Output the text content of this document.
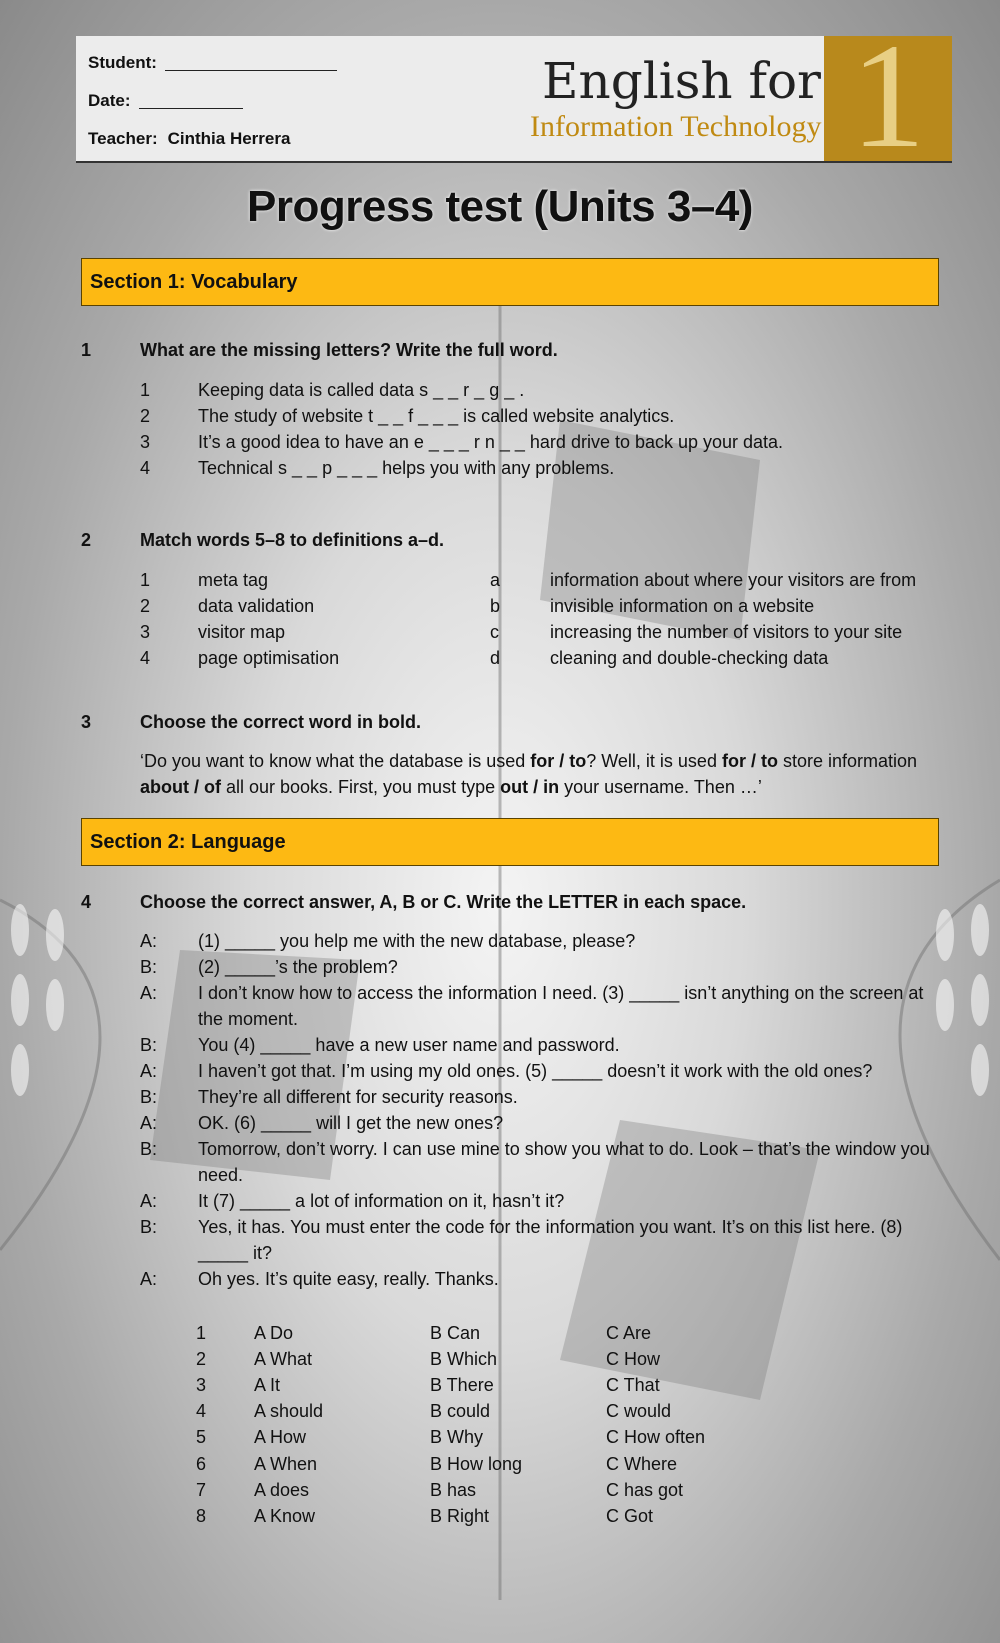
Student:
Date:
Teacher: Cinthia Herrera
English for
Information Technology 1
Progress test (Units 3–4)
Section 1: Vocabulary
1	What are the missing letters? Write the full word.
1	Keeping data is called data s _ _ r _ g _ .
2	The study of website t _ _ f _ _ _ is called website analytics.
3	It’s a good idea to have an e _ _ _ r n _ _ hard drive to back up your data.
4	Technical s _ _ p _ _ _ helps you with any problems.
2	Match words 5–8 to definitions a–d.
1	meta tag	a	information about where your visitors are from
2	data validation	b	invisible information on a website
3	visitor map	c	increasing the number of visitors to your site
4	page optimisation	d	cleaning and double-checking data
3	Choose the correct word in bold.
‘Do you want to know what the database is used for / to? Well, it is used for / to store information about / of all our books. First, you must type out / in your username. Then …’
Section 2: Language
4	Choose the correct answer, A, B or C. Write the LETTER in each space.
A:	(1) _____ you help me with the new database, please?
B:	(2) _____’s the problem?
A:	I don’t know how to access the information I need. (3) _____ isn’t anything on the screen at the moment.
B:	You (4) _____ have a new user name and password.
A:	I haven’t got that. I’m using my old ones. (5) _____ doesn’t it work with the old ones?
B:	They’re all different for security reasons.
A:	OK. (6) _____ will I get the new ones?
B:	Tomorrow, don’t worry. I can use mine to show you what to do. Look – that’s the window you need.
A:	It (7) _____ a lot of information on it, hasn’t it?
B:	Yes, it has. You must enter the code for the information you want. It’s on this list here. (8) _____ it?
A:	Oh yes. It’s quite easy, really. Thanks.
1	A Do	B Can	C Are
2	A What	B Which	C How
3	A It	B There	C That
4	A should	B could	C would
5	A How	B Why	C How often
6	A When	B How long	C Where
7	A does	B has	C has got
8	A Know	B Right	C Got
